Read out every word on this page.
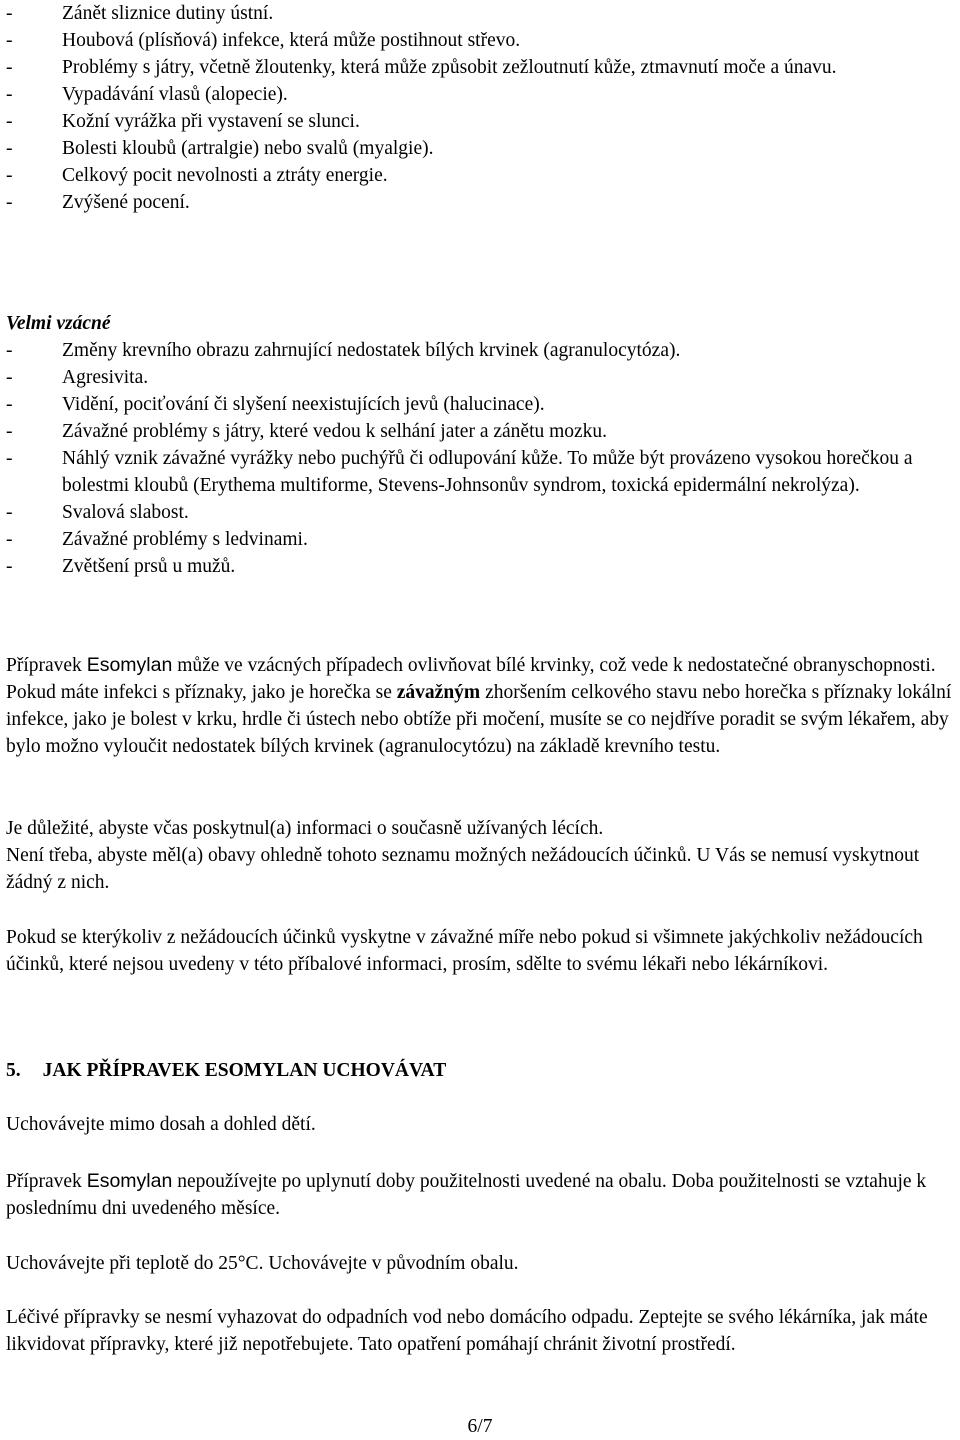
-	Zánět sliznice dutiny ústní.
-	Houbová (plísňová) infekce, která může postihnout střevo.
-	Problémy s játry, včetně žloutenky, která může způsobit zežloutnutí kůže, ztmavnutí moče a únavu.
-	Vypadávání vlasů (alopecie).
-	Kožní vyrážka při vystavení se slunci.
-	Bolesti kloubů (artralgie) nebo svalů (myalgie).
-	Celkový pocit nevolnosti a ztráty energie.
-	Zvýšené pocení.
Velmi vzácné
-	Změny krevního obrazu zahrnující nedostatek bílých krvinek (agranulocytóza).
-	Agresivita.
-	Vidění, pociťování či slyšení neexistujících jevů (halucinace).
-	Závažné problémy s játry, které vedou k selhání jater a zánětu mozku.
-	Náhlý vznik závažné vyrážky nebo puchýřů či odlupování kůže. To může být provázeno vysokou horečkou a bolestmi kloubů (Erythema multiforme, Stevens-Johnsonův syndrom, toxická epidermální nekrolýza).
-	Svalová slabost.
-	Závažné problémy s ledvinami.
-	Zvětšení prsů u mužů.

Přípravek Esomylan může ve vzácných případech ovlivňovat bílé krvinky, což vede k nedostatečné obranyschopnosti. Pokud máte infekci s příznaky, jako je horečka se závažným zhoršením celkového stavu nebo horečka s příznaky lokální infekce, jako je bolest v krku, hrdle či ústech nebo obtíže při močení, musíte se co nejdříve poradit se svým lékařem, aby bylo možno vyloučit nedostatek bílých krvinek (agranulocytózu) na základě krevního testu.

Je důležité, abyste včas poskytnul(a) informaci o současně užívaných lécích.
Není třeba, abyste měl(a) obavy ohledně tohoto seznamu možných nežádoucích účinků. U Vás se nemusí vyskytnout žádný z nich.

Pokud se kterýkoliv z nežádoucích účinků vyskytne v závažné míře nebo pokud si všimnete jakýchkoliv nežádoucích účinků, které nejsou uvedeny v této příbalové informaci, prosím, sdělte to svému lékaři nebo lékárníkovi.

5. JAK PŘÍPRAVEK ESOMYLAN UCHOVÁVAT
Uchovávejte mimo dosah a dohled dětí.

Přípravek Esomylan nepoužívejte po uplynutí doby použitelnosti uvedené na obalu. Doba použitelnosti se vztahuje k poslednímu dni uvedeného měsíce.

Uchovávejte při teplotě do 25°C. Uchovávejte v původním obalu.

Léčivé přípravky se nesmí vyhazovat do odpadních vod nebo domácího odpadu. Zeptejte se svého lékárníka, jak máte likvidovat přípravky, které již nepotřebujete. Tato opatření pomáhají chránit životní prostředí.

6/7
